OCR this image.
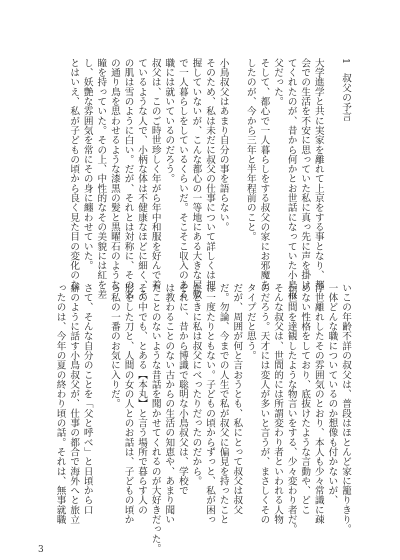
1叔父の予言

大学進学と共に実家を離れて上京をする事となり、都
会での生活を不安に思っていた私に真っ先に声を掛け
てくれたのが、昔から何かとお世話になっていた小鳥叔
父だった。
そして、都心で一人暮らしをする叔父の家にお邪魔を
したのが、今から三年と半年程前のこと。

小鳥叔父はあまり自分の事を語らない。
そのため、私は未だに叔父の仕事について詳しくは把
握していないが、こんな都心の一等地にある大きな屋敷
で一人暮らしをしているくらいだ。そこそこ収入のある
職には就いているのだろう。
叔父は、このご時世珍しく年がら年中和服を好んで着
ているような人で、小柄な体は不健康なほどに細く、そ
の肌は雪のように白い。だが、それとは対称に、その名
の通り鳥を思わせるような漆黒の髪と黒曜石のような
瞳を持っていた。その上、中性的なその美貌には紅を差
し、妖艶な雰囲気を常にその身に纏わせていた。
とはいえ、私が子どもの頃から良く見た目の変化のな
いこの年齢不詳の叔父は、普段はほとんど家に籠りきり。
一体どんな職についているのか想像も付かないが、
浮世離れしたその雰囲気のとおり、本人も少々常識に疎
めない性格をしており、底抜けたような言動や、どこ
か世間を達観したような物言いをする、少々変わり者だ。
そんな叔父は、世間的には所謂変わり者といわれる人物
のだろう。天才には変人が多いと言うが、まさしくその
タイプだと思う。
だが、周囲が何と言おうとも、私にとって叔父は叔父
だ。勿論、今までの人生で私が叔父に偏見を持ったこと
は一度たりともない。子どもの頃からずっと、私が困っ
たときに私は叔父にべったりだったのだから。
それに、昔から博識で聡明な小鳥叔父は、学校で
は教わることのない古からの生活の知恵や、あまり聞い
たことのないような昔話を聞かせてくれるのが大好きだった。
その中でも、とある【本丸】と言う場所で暮らす人の
形をした刀と、人間の女の人とのお話は、子どもの頃か
ら私の一番のお気に入りだ。

さて、そんな自分のことを「父と呼べ」と日頃から口
癖のように話す小鳥叔父が、仕事の都合で海外へと旅立
ったのは、今年の夏の終わり頃の話。それは、無事就職
3
